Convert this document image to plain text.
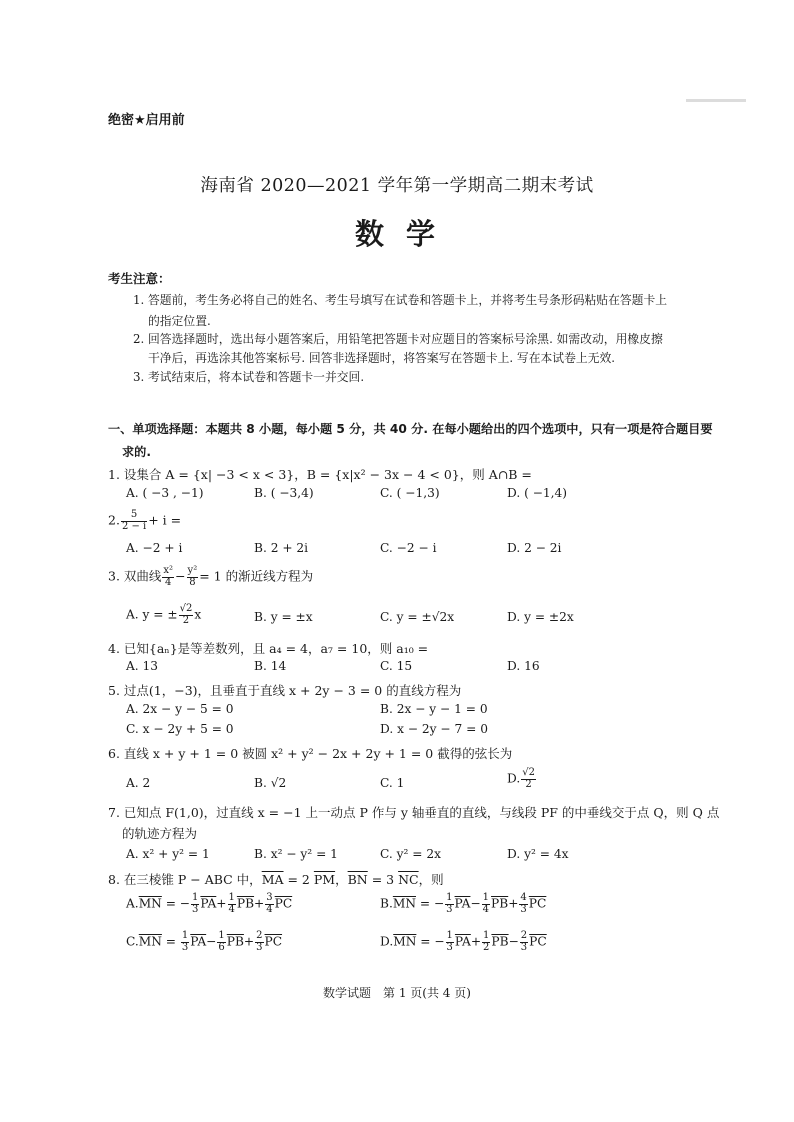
绝密★启用前
海南省 2020—2021 学年第一学期高二期末考试
数学
考生注意：
1. 答题前，考生务必将自己的姓名、考生号填写在试卷和答题卡上，并将考生号条形码粘贴在答题卡上
的指定位置.
2. 回答选择题时，选出每小题答案后，用铅笔把答题卡对应题目的答案标号涂黑. 如需改动，用橡皮擦
干净后，再选涂其他答案标号. 回答非选择题时，将答案写在答题卡上. 写在本试卷上无效.
3. 考试结束后，将本试卷和答题卡一并交回.
一、单项选择题：本题共 8 小题，每小题 5 分，共 40 分. 在每小题给出的四个选项中，只有一项是符合题目要
求的.
1. 设集合 A = {x| −3 < x < 3}，B = {x|x² − 3x − 4 < 0}，则 A∩B =
A. ( −3 , −1)	B. ( −3,4)	C. ( −1,3)	D. ( −1,4)
2. $\frac{5}{2 - i} + i$ =
A. −2 + i	B. 2 + 2i	C. −2 − i	D. 2 − 2i
3. 双曲线 $\frac{\text{x²}}{4} - \frac{\text{y²}}{8} = 1$ 的渐近线方程为
A. y = ± $\frac{√2}{2}$ x	B. y = ±x	C. y = ±√2x	D. y = ±2x
4. 已知{aₙ}是等差数列，且 a₄ = 4，a₇ = 10，则 a₁₀ =
A. 13	B. 14	C. 15	D. 16
5. 过点(1，−3)，且垂直于直线 x + 2y − 3 = 0 的直线方程为
A. 2x − y − 5 = 0	B. 2x − y − 1 = 0
C. x − 2y + 5 = 0	D. x − 2y − 7 = 0
6. 直线 x + y + 1 = 0 被圆 x² + y² − 2x + 2y + 1 = 0 截得的弦长为
A. 2	B. √2	C. 1	D. $\frac{√2}{2}$
7. 已知点 F(1,0)，过直线 x = −1 上一动点 P 作与 y 轴垂直的直线，与线段 PF 的中垂线交于点 Q，则 Q 点
的轨迹方程为
A. x² + y² = 1	B. x² − y² = 1	C. y² = 2x	D. y² = 4x
8. 在三棱锥 P − ABC 中，$\overline{MA} = 2$ $\overline{PM}$，$\overline{BN} = 3$ $\overline{NC}$，则
$A.\overline{MN}$ = − $\frac{1}{3} \overline{PA}+ \frac{1}{4} \overline{PB}+ \frac{3}{4} \overline{PC}$	$B.\overline{MN}$ = − $\frac{1}{3} \overline{PA}- \frac{1}{4} \overline{PB}+ \frac{4}{3} \overline{PC}$
$C.\overline{MN} = \frac{1}{3} \overline{PA}- \frac{1}{6} \overline{PB}+ \frac{2}{3} \overline{PC}$	$D.\overline{MN}$ = − $\frac{1}{3} \overline{PA}+ \frac{1}{2} \overline{PB}- \frac{2}{3} \overline{PC}$
数学试题　第 1 页(共 4 页)
